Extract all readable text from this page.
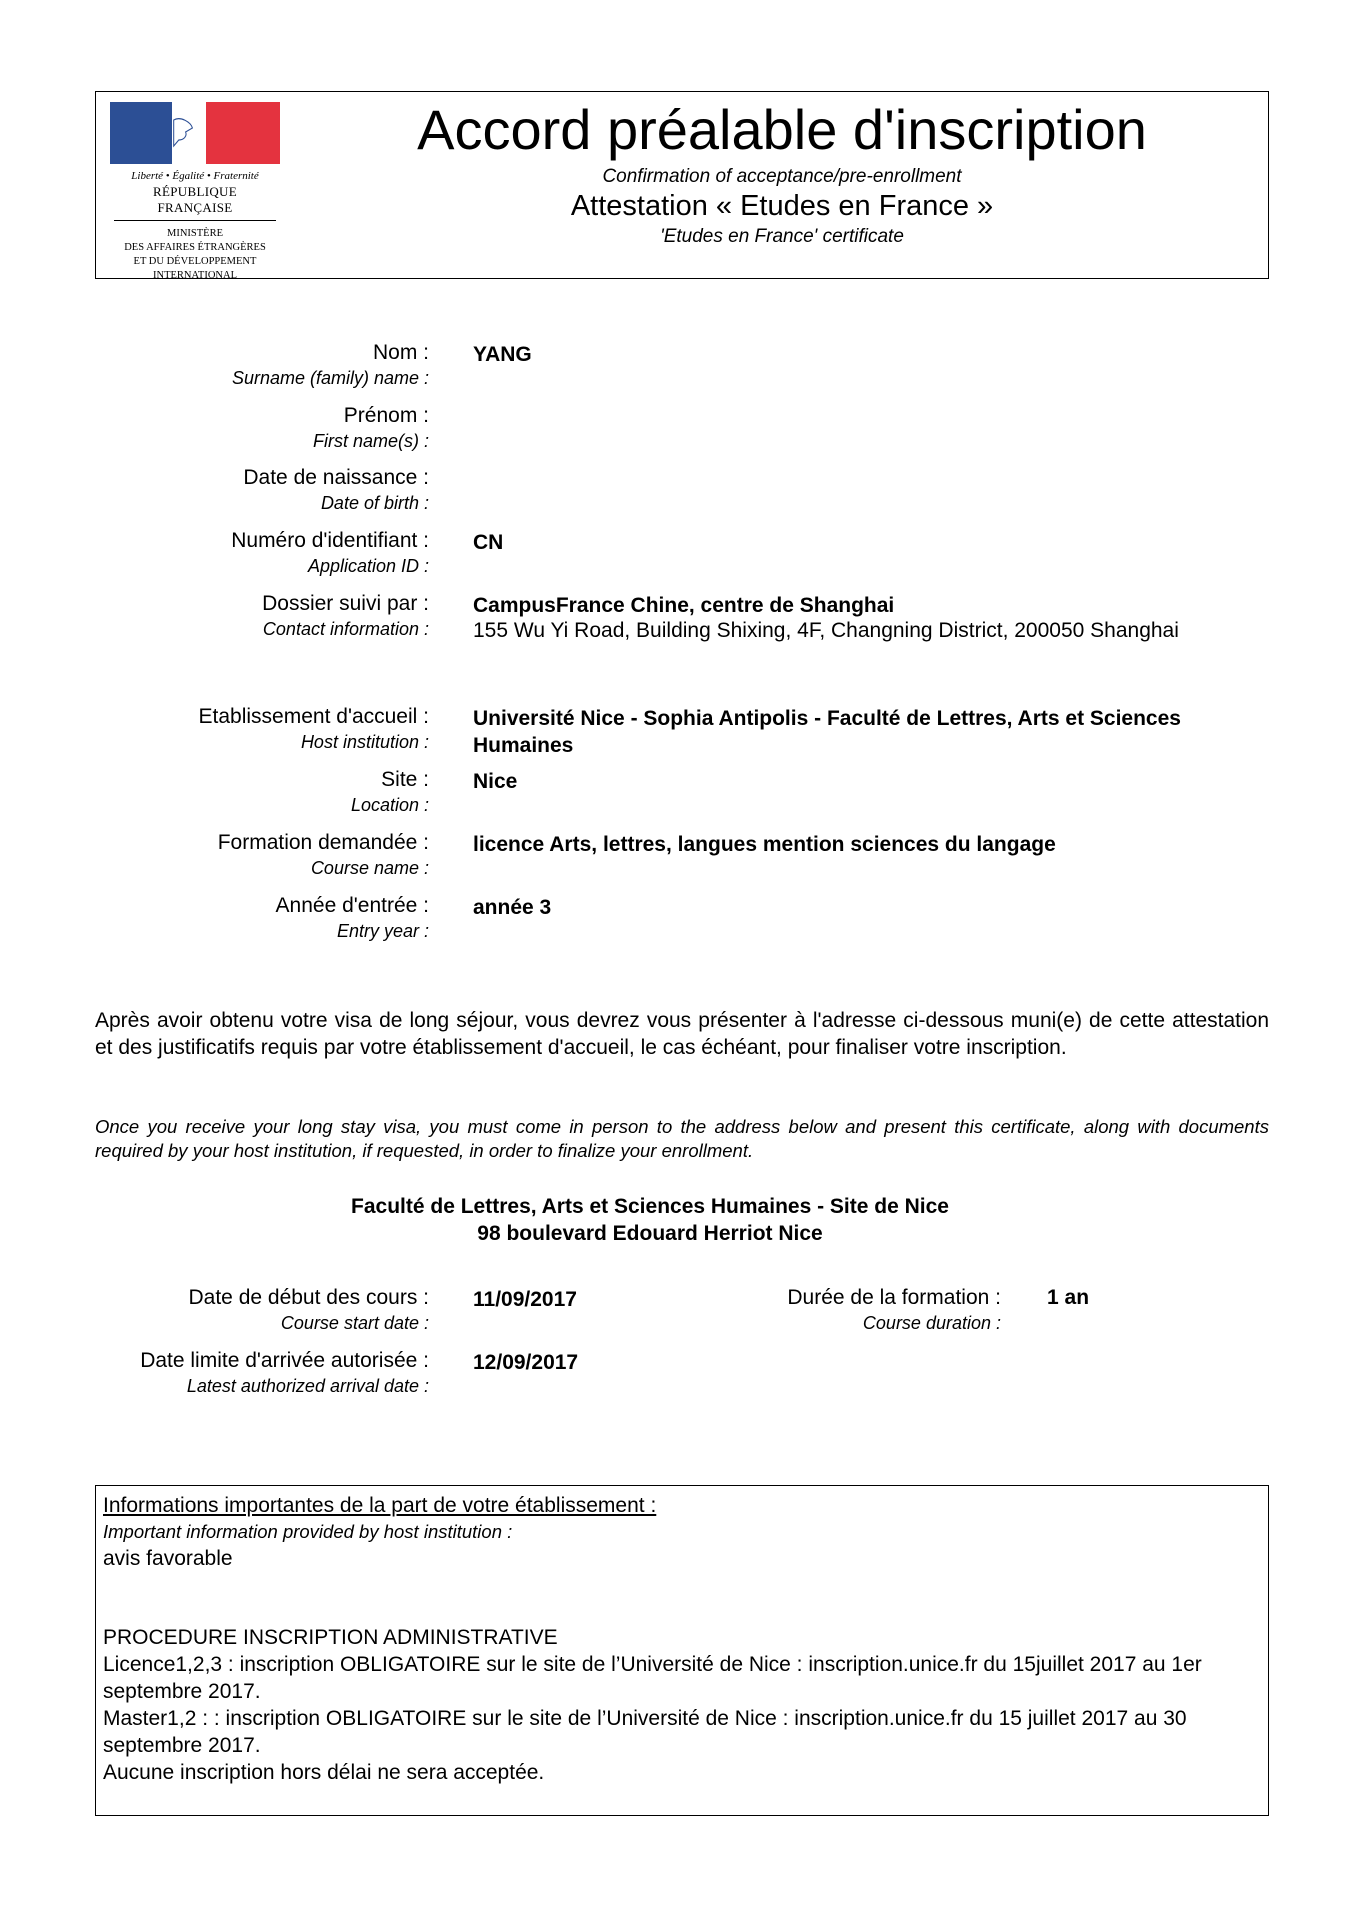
Liberté • Égalité • Fraternité
RÉPUBLIQUE FRANÇAISE
MINISTÈRE
DES AFFAIRES ÉTRANGÈRES
ET DU DÉVELOPPEMENT
INTERNATIONAL
Accord préalable d'inscription
Confirmation of acceptance/pre-enrollment
Attestation « Etudes en France »
'Etudes en France' certificate
Nom :
Surname (family) name :
YANG
Prénom :
First name(s) :
Date de naissance :
Date of birth :
Numéro d'identifiant :
Application ID :
CN
Dossier suivi par :
Contact information :
CampusFrance Chine, centre de Shanghai
155 Wu Yi Road, Building Shixing, 4F, Changning District, 200050 Shanghai
Etablissement d'accueil :
Host institution :
Université Nice - Sophia Antipolis - Faculté de Lettres, Arts et Sciences Humaines
Site :
Location :
Nice
Formation demandée :
Course name :
licence Arts, lettres, langues mention sciences du langage
Année d'entrée :
Entry year :
année 3
Après avoir obtenu votre visa de long séjour, vous devrez vous présenter à l'adresse ci-dessous muni(e) de cette attestation et des justificatifs requis par votre établissement d'accueil, le cas échéant, pour finaliser votre inscription.
Once you receive your long stay visa, you must come in person to the address below and present this certificate, along with documents required by your host institution, if requested, in order to finalize your enrollment.
Faculté de Lettres, Arts et Sciences Humaines - Site de Nice
98 boulevard Edouard Herriot Nice
Date de début des cours :
Course start date :
11/09/2017	Durée de la formation :
Course duration :
1 an
Date limite d'arrivée autorisée :
Latest authorized arrival date :
12/09/2017
Informations importantes de la part de votre établissement :
Important information provided by host institution :
avis favorable
PROCEDURE INSCRIPTION ADMINISTRATIVE
Licence1,2,3 : inscription OBLIGATOIRE sur le site de l’Université de Nice : inscription.unice.fr du 15juillet 2017 au 1er septembre 2017.
Master1,2 : : inscription OBLIGATOIRE sur le site de l’Université de Nice : inscription.unice.fr du 15 juillet 2017 au 30 septembre 2017.
Aucune inscription hors délai ne sera acceptée.
